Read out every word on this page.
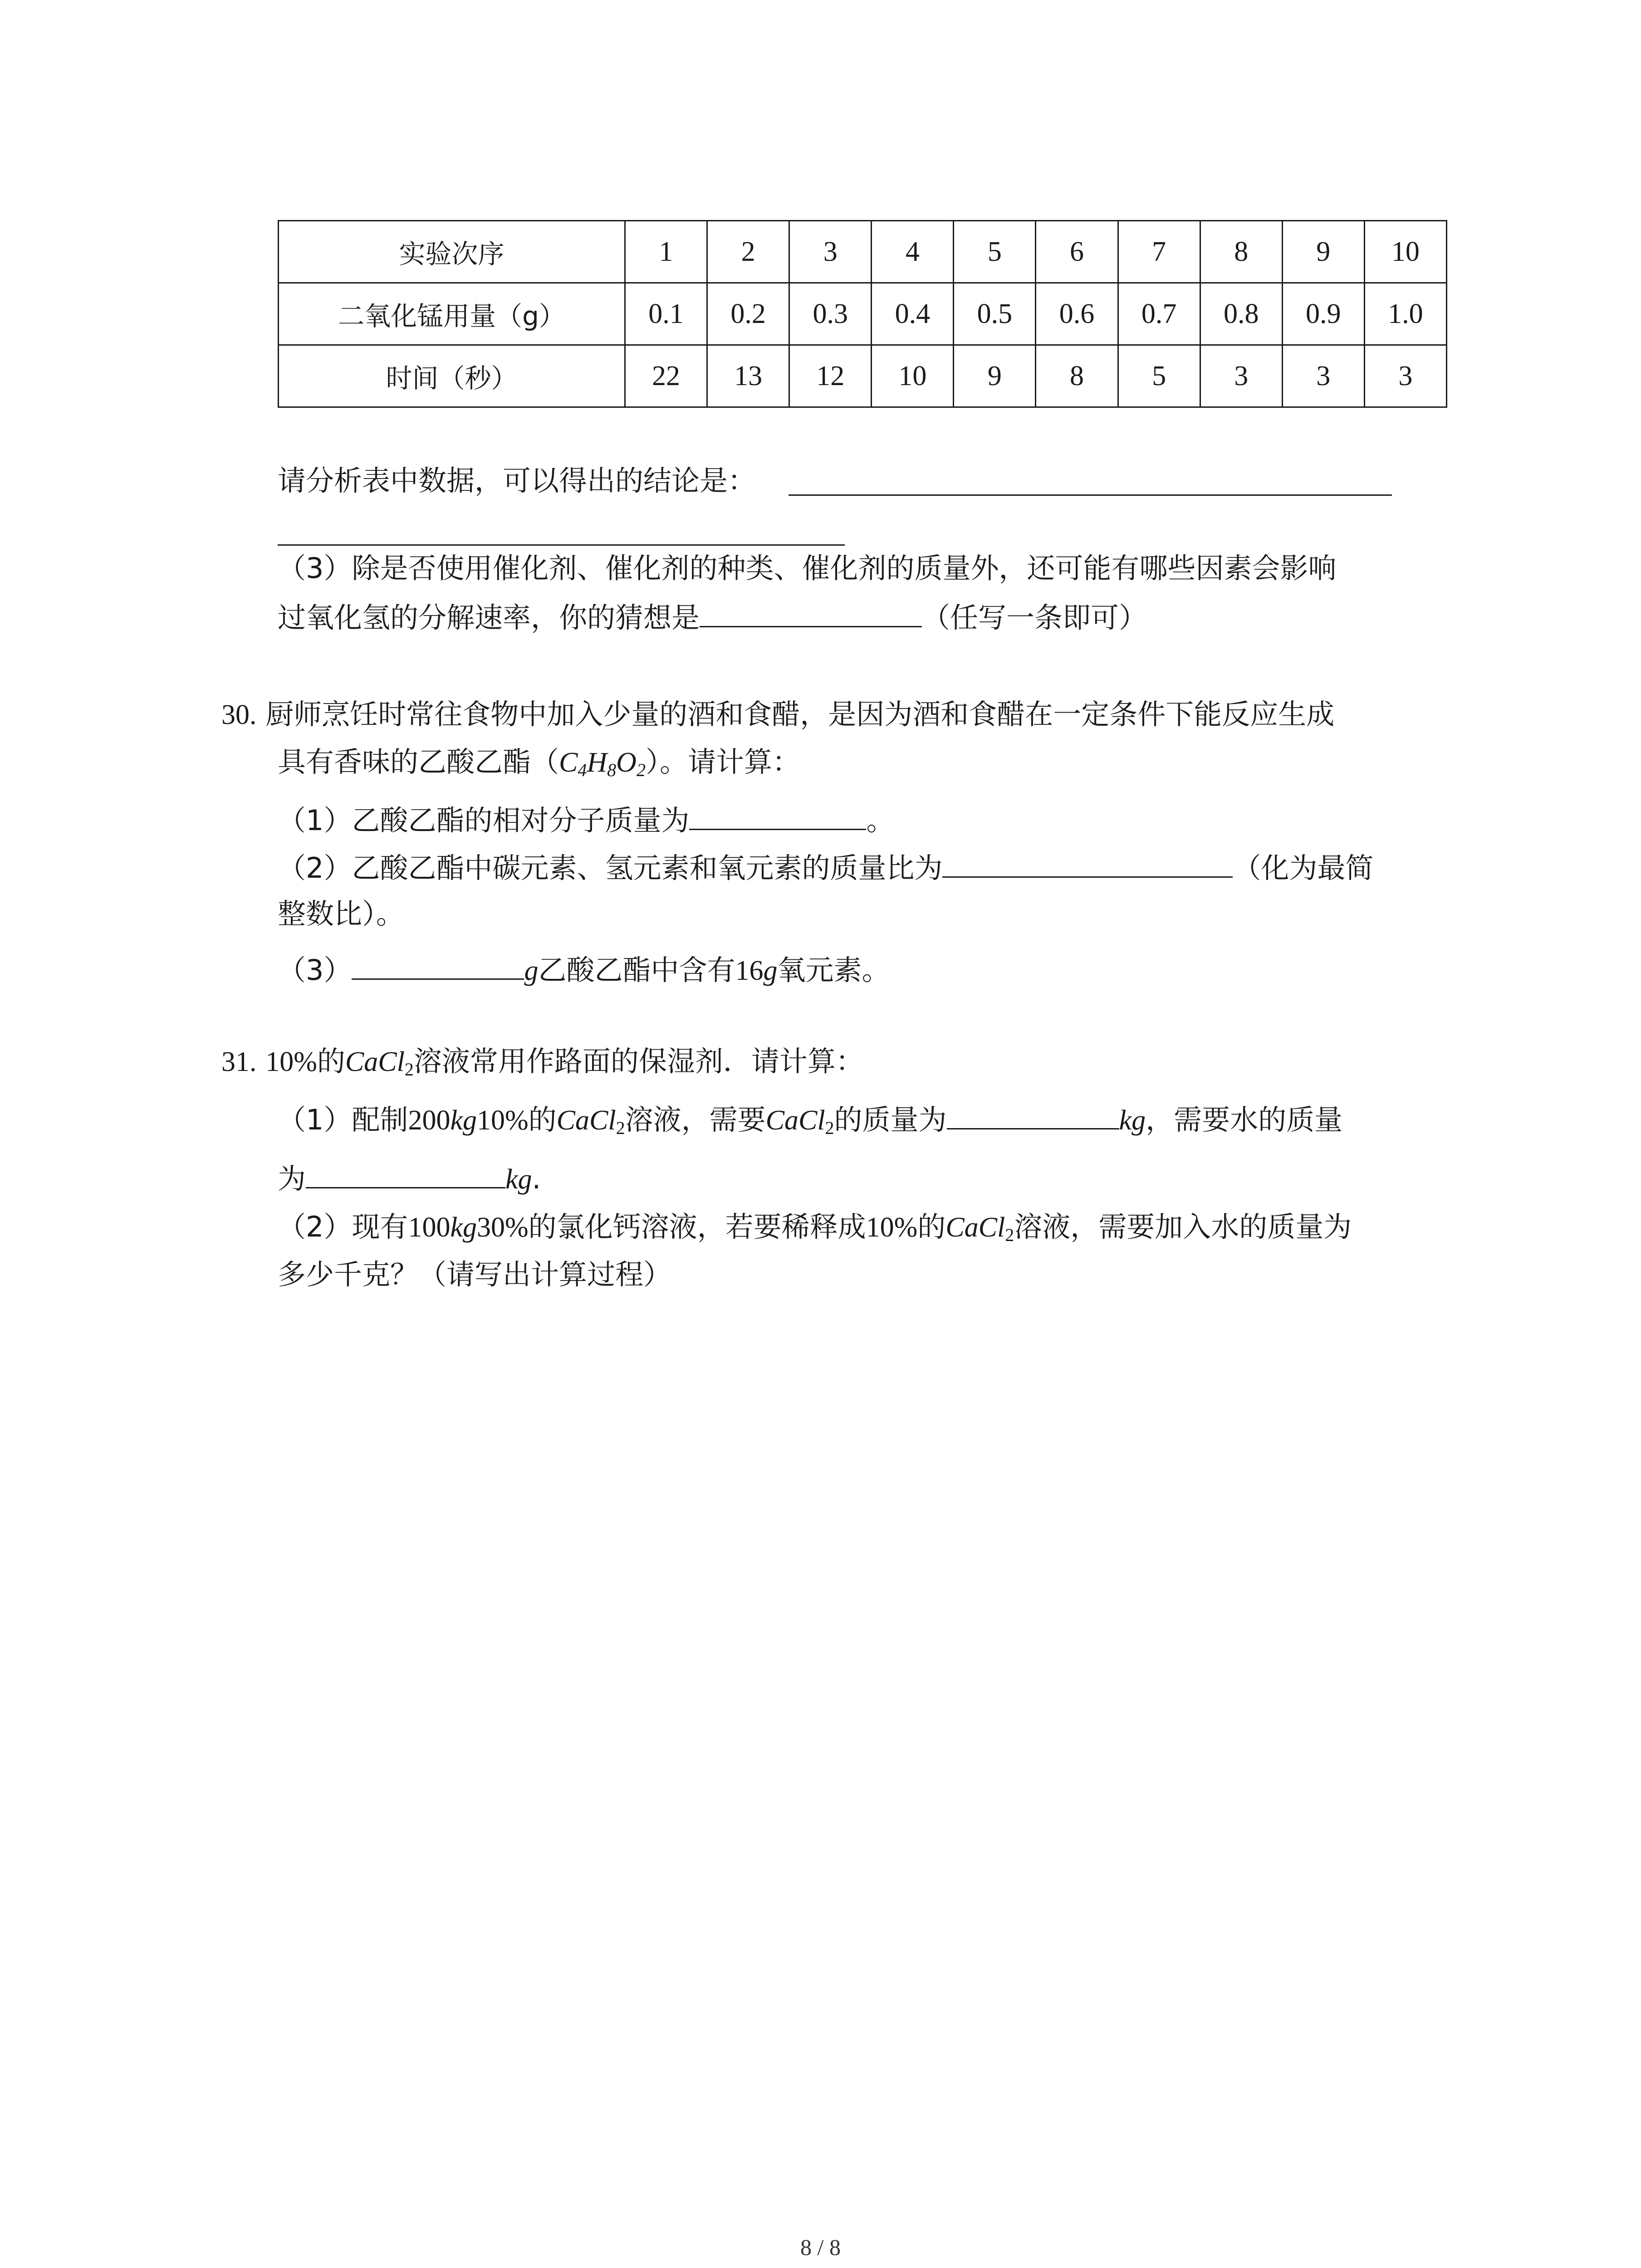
实验次序	1	2	3	4	5	6	7	8	9	10
二氧化锰用量（g）	0.1	0.2	0.3	0.4	0.5	0.6	0.7	0.8	0.9	1.0
时间（秒）	22	13	12	10	9	8	5	3	3	3
请分析表中数据，可以得出的结论是：
（3）除是否使用催化剂、催化剂的种类、催化剂的质量外，还可能有哪些因素会影响
过氧化氢的分解速率，你的猜想是	（任写一条即可）
30. 厨师烹饪时常往食物中加入少量的酒和食醋，是因为酒和食醋在一定条件下能反应生成
具有香味的乙酸乙酯$(C_4H_8O_2)$。请计算：
（1）乙酸乙酯的相对分子质量为	。
（2）乙酸乙酯中碳元素、氢元素和氧元素的质量比为	（化为最简
整数比）。
（3）	g乙酸乙酯中含有16g氧元素。
31. 10%的CaCl$_2$溶液常用作路面的保湿剂．请计算：
（1）配制200kg10%的CaCl$_2$溶液，需要CaCl$_2$的质量为	kg，需要水的质量
为	kg.
（2）现有100kg30%的氯化钙溶液，若要稀释成10%的CaCl$_2$溶液，需要加入水的质量为
多少千克？（请写出计算过程）
8 / 8
